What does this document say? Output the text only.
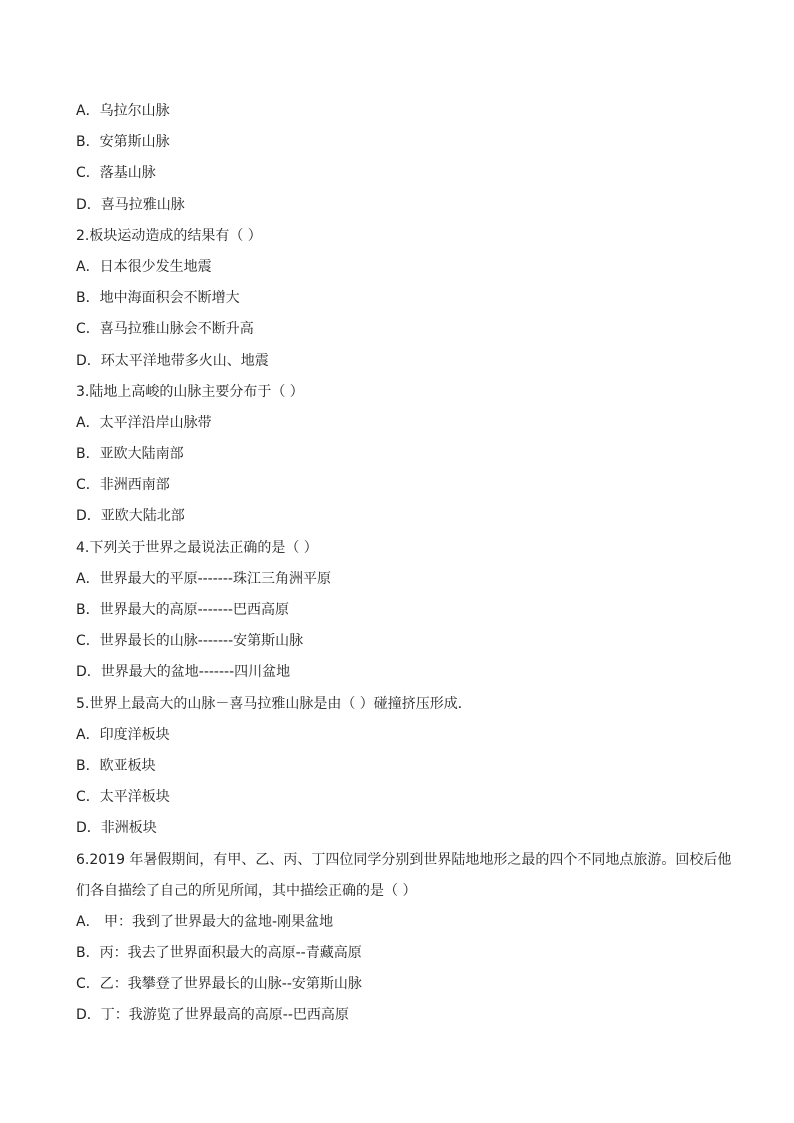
A．乌拉尔山脉
B．安第斯山脉
C．落基山脉
D．喜马拉雅山脉
2.板块运动造成的结果有（ ）
A．日本很少发生地震
B．地中海面积会不断增大
C．喜马拉雅山脉会不断升高
D．环太平洋地带多火山、地震
3.陆地上高峻的山脉主要分布于（ ）
A．太平洋沿岸山脉带
B．亚欧大陆南部
C．非洲西南部
D．亚欧大陆北部
4.下列关于世界之最说法正确的是（ ）
A．世界最大的平原-------珠江三角洲平原
B．世界最大的高原-------巴西高原
C．世界最长的山脉-------安第斯山脉
D．世界最大的盆地-------四川盆地
5.世界上最高大的山脉－喜马拉雅山脉是由（ ）碰撞挤压形成．
A．印度洋板块
B．欧亚板块
C．太平洋板块
D．非洲板块
6.2019 年暑假期间，有甲、乙、丙、丁四位同学分别到世界陆地地形之最的四个不同地点旅游。回校后他们各自描绘了自己的所见所闻，其中描绘正确的是（ ）
A． 甲：我到了世界最大的盆地-刚果盆地
B．丙：我去了世界面积最大的高原--青藏高原
C．乙：我攀登了世界最长的山脉--安第斯山脉
D．丁：我游览了世界最高的高原--巴西高原
